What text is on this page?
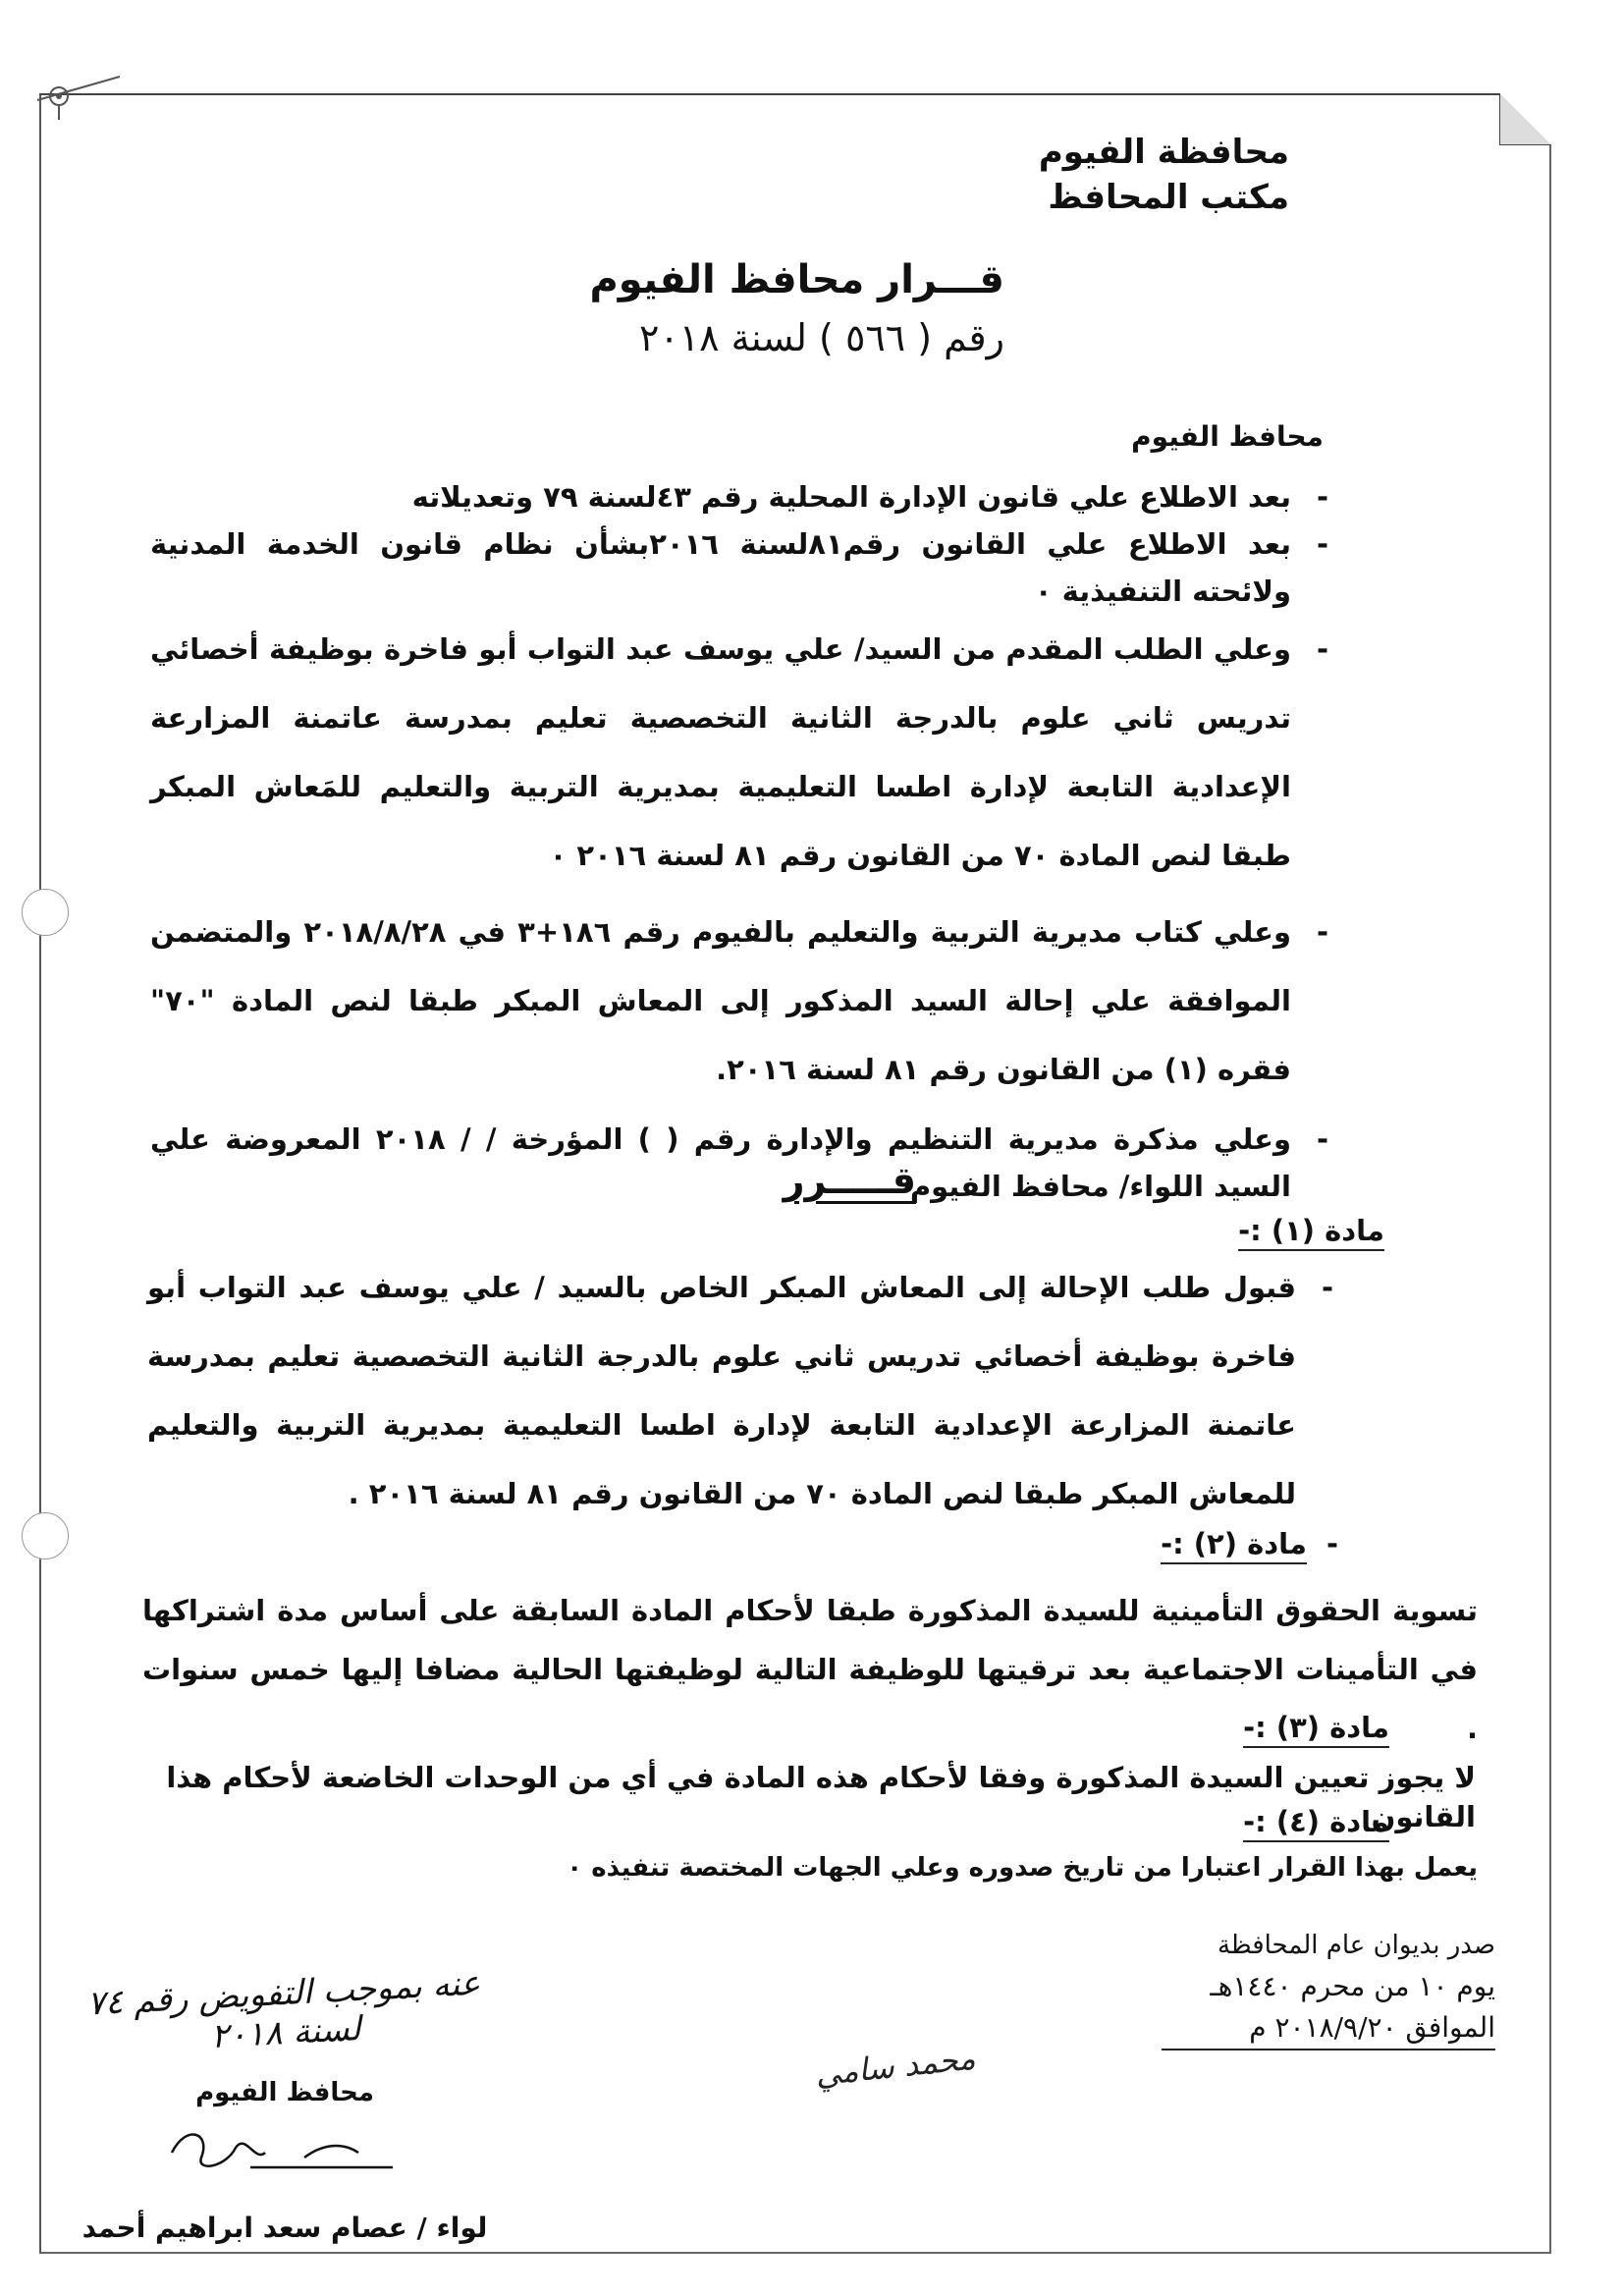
محافظة الفيوم
مكتب المحافظ
قـــرار محافظ الفيوم
رقم ( ٥٦٦ ) لسنة ٢٠١٨
محافظ الفيوم
-
بعد الاطلاع علي قانون الإدارة المحلية رقم ٤٣لسنة ٧٩ وتعديلاته
-
بعد الاطلاع علي القانون رقم٨١لسنة ٢٠١٦بشأن نظام قانون الخدمة المدنية ولائحته التنفيذية ٠
-
وعلي الطلب المقدم من السيد/ علي يوسف عبد التواب أبو فاخرة بوظيفة أخصائي تدريس ثاني علوم بالدرجة الثانية التخصصية تعليم بمدرسة عاتمنة المزارعة الإعدادية التابعة لإدارة اطسا التعليمية بمديرية التربية والتعليم للمَعاش المبكر طبقا لنص المادة ٧٠ من القانون رقم ٨١ لسنة ٢٠١٦ ٠
-
وعلي كتاب مديرية التربية والتعليم بالفيوم رقم ١٨٦+٣ في ٢٠١٨/٨/٢٨ والمتضمن الموافقة علي إحالة السيد المذكور إلى المعاش المبكر طبقا لنص المادة "٧٠" فقره (١) من القانون رقم ٨١ لسنة ٢٠١٦.
-
وعلي مذكرة مديرية التنظيم والإدارة رقم ( ) المؤرخة / / ٢٠١٨ المعروضة علي السيد اللواء/ محافظ الفيوم
قـــــرر
مادة (١) :-
-
قبول طلب الإحالة إلى المعاش المبكر الخاص بالسيد / علي يوسف عبد التواب أبو فاخرة بوظيفة أخصائي تدريس ثاني علوم بالدرجة الثانية التخصصية تعليم بمدرسة عاتمنة المزارعة الإعدادية التابعة لإدارة اطسا التعليمية بمديرية التربية والتعليم للمعاش المبكر طبقا لنص المادة ٧٠ من القانون رقم ٨١ لسنة ٢٠١٦ .
-مادة (٢) :-
تسوية الحقوق التأمينية للسيدة المذكورة طبقا لأحكام المادة السابقة على أساس مدة اشتراكها في التأمينات الاجتماعية بعد ترقيتها للوظيفة التالية لوظيفتها الحالية مضافا إليها خمس سنوات .
مادة (٣) :-
لا يجوز تعيين السيدة المذكورة وفقا لأحكام هذه المادة في أي من الوحدات الخاضعة لأحكام هذا القانون
مادة (٤) :-
يعمل بهذا القرار اعتبارا من تاريخ صدوره وعلي الجهات المختصة تنفيذه ٠
صدر بديوان عام المحافظة
يوم ١٠ من محرم ١٤٤٠هـ
الموافق ٢٠١٨/٩/٢٠ م
محمد سامي
عنه بموجب التفويض رقم ٧٤ لسنة ٢٠١٨
محافظ الفيوم
لواء / عصام سعد ابراهيم أحمد
